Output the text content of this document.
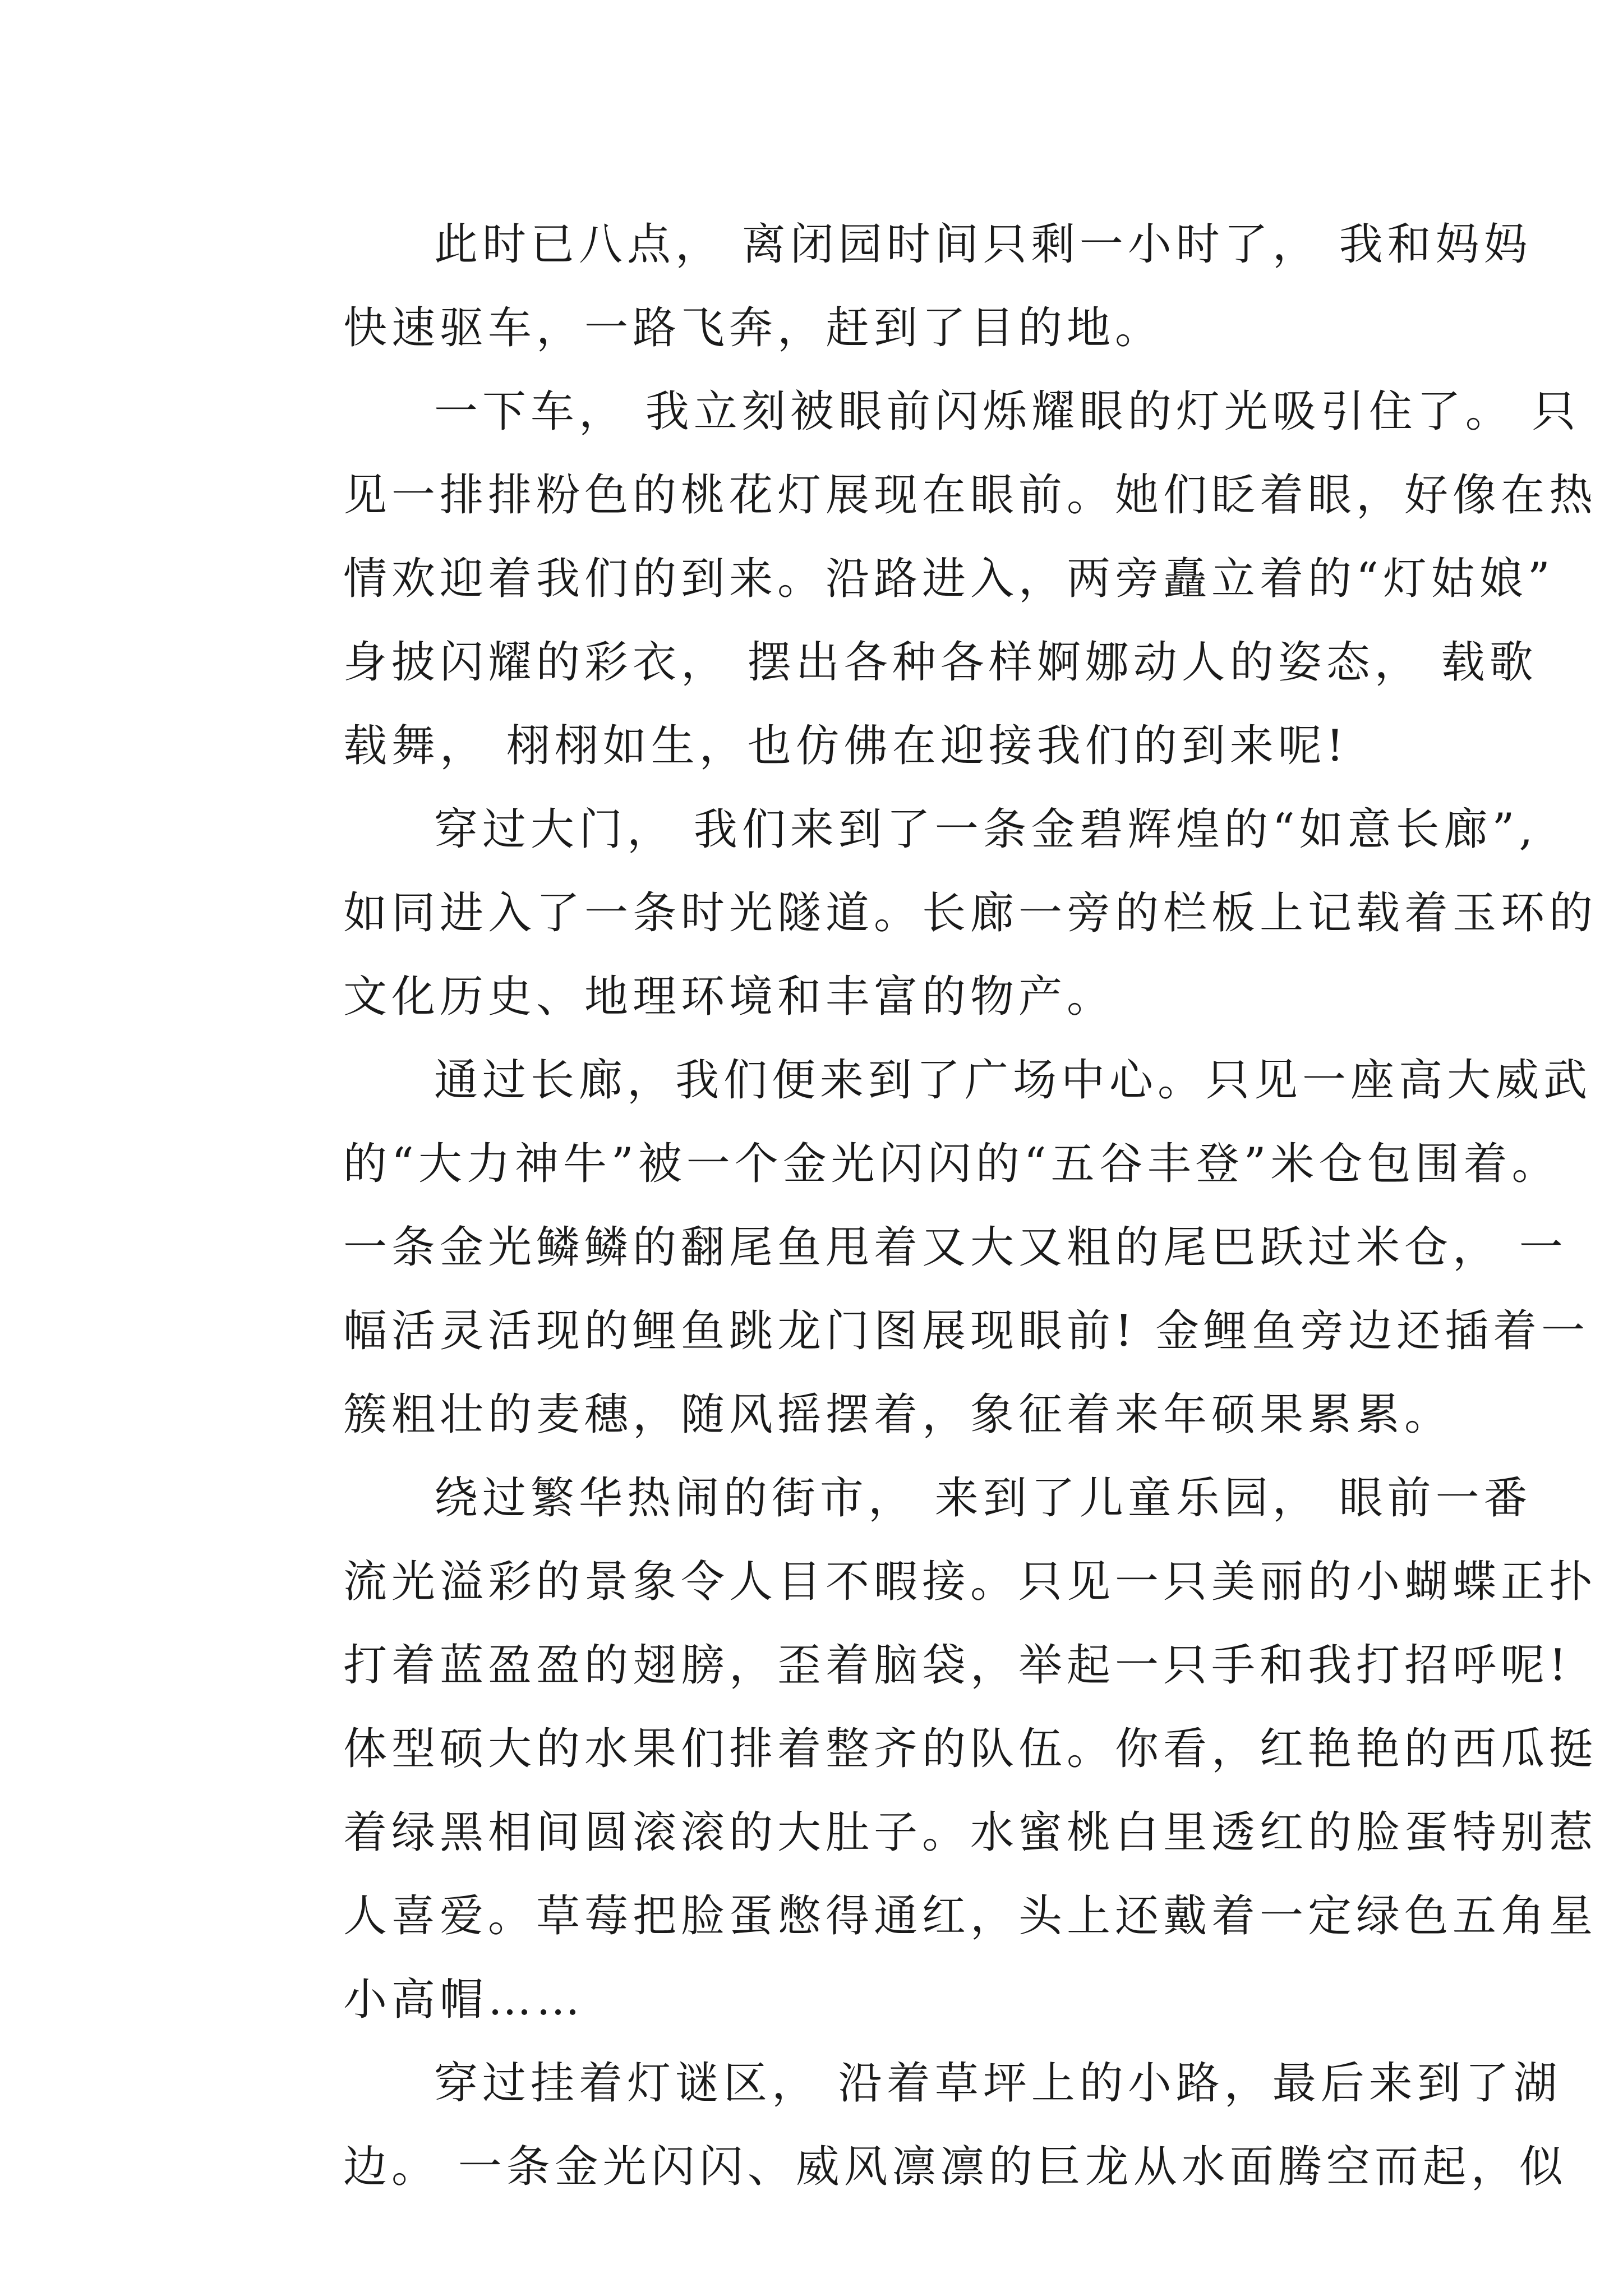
此时已八点， 离闭园时间只剩一小时了， 我和妈妈
快速驱车，一路飞奔，赶到了目的地。
一下车， 我立刻被眼前闪烁耀眼的灯光吸引住了。 只
见一排排粉色的桃花灯展现在眼前。她们眨着眼，好像在热
情欢迎着我们的到来。沿路进入，两旁矗立着的“灯姑娘”
身披闪耀的彩衣， 摆出各种各样婀娜动人的姿态， 载歌
载舞， 栩栩如生，也仿佛在迎接我们的到来呢!
穿过大门， 我们来到了一条金碧辉煌的“如意长廊”,
如同进入了一条时光隧道。长廊一旁的栏板上记载着玉环的
文化历史、地理环境和丰富的物产。
通过长廊，我们便来到了广场中心。只见一座高大威武
的“大力神牛”被一个金光闪闪的“五谷丰登”米仓包围着。
一条金光鳞鳞的翻尾鱼甩着又大又粗的尾巴跃过米仓， 一
幅活灵活现的鲤鱼跳龙门图展现眼前! 金鲤鱼旁边还插着一
簇粗壮的麦穗，随风摇摆着，象征着来年硕果累累。
绕过繁华热闹的街市， 来到了儿童乐园， 眼前一番
流光溢彩的景象令人目不暇接。只见一只美丽的小蝴蝶正扑
打着蓝盈盈的翅膀，歪着脑袋，举起一只手和我打招呼呢!
体型硕大的水果们排着整齐的队伍。你看，红艳艳的西瓜挺
着绿黑相间圆滚滚的大肚子。水蜜桃白里透红的脸蛋特别惹
人喜爱。草莓把脸蛋憋得通红，头上还戴着一定绿色五角星
小高帽……
穿过挂着灯谜区， 沿着草坪上的小路，最后来到了湖
边。 一条金光闪闪、威风凛凛的巨龙从水面腾空而起，似
